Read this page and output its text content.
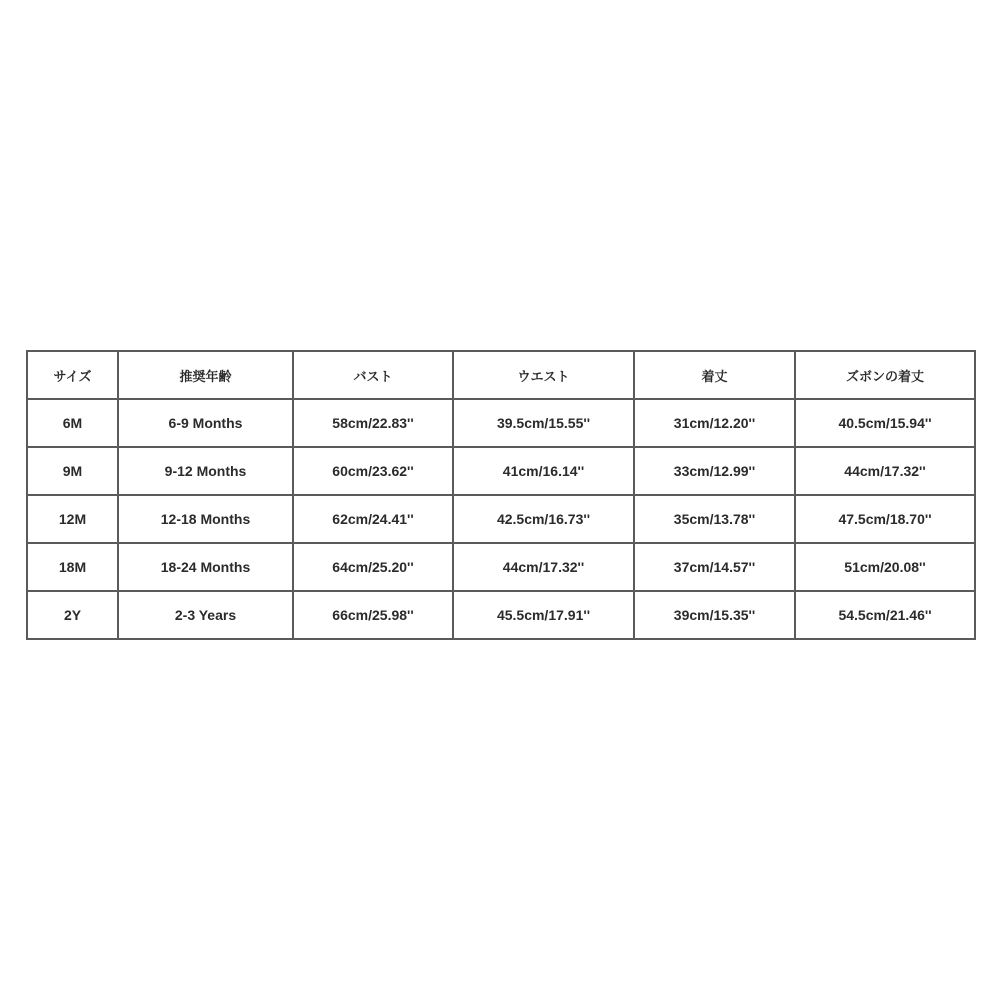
サイズ	推奨年齢	バスト	ウエスト	着丈	ズボンの着丈
6M	6-9 Months	58cm/22.83''	39.5cm/15.55''	31cm/12.20''	40.5cm/15.94''
9M	9-12 Months	60cm/23.62''	41cm/16.14''	33cm/12.99''	44cm/17.32''
12M	12-18 Months	62cm/24.41''	42.5cm/16.73''	35cm/13.78''	47.5cm/18.70''
18M	18-24 Months	64cm/25.20''	44cm/17.32''	37cm/14.57''	51cm/20.08''
2Y	2-3 Years	66cm/25.98''	45.5cm/17.91''	39cm/15.35''	54.5cm/21.46''
